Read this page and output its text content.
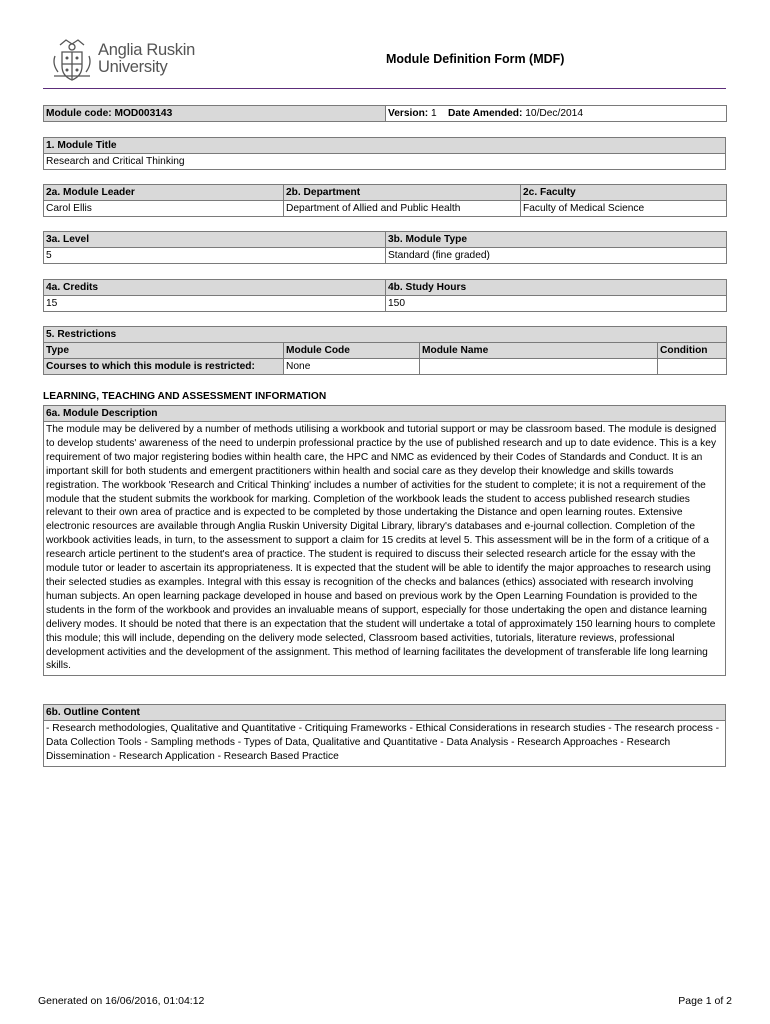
Anglia Ruskin
University	Module Definition Form (MDF)
Module code: MOD003143	Version: 1 Date Amended: 10/Dec/2014
1. Module Title
Research and Critical Thinking
2a. Module Leader	2b. Department	2c. Faculty
Carol Ellis	Department of Allied and Public Health	Faculty of Medical Science
3a. Level	3b. Module Type
5	Standard (fine graded)
4a. Credits	4b. Study Hours
15	150
5. Restrictions			
Type	Module Code	Module Name	Condition
Courses to which this module is restricted:	None		
LEARNING, TEACHING AND ASSESSMENT INFORMATION
6a. Module Description
The module may be delivered by a number of methods utilising a workbook and tutorial support or may be classroom based. The module is designed to develop students' awareness of the need to underpin professional practice by the use of published research and up to date evidence. This is a key requirement of two major registering bodies within health care, the HPC and NMC as evidenced by their Codes of Standards and Conduct. It is an important skill for both students and emergent practitioners within health and social care as they develop their knowledge and skills towards registration. The workbook 'Research and Critical Thinking' includes a number of activities for the student to complete; it is not a requirement of the module that the student submits the workbook for marking. Completion of the workbook leads the student to access published research studies relevant to their own area of practice and is expected to be completed by those undertaking the Distance and open learning routes. Extensive electronic resources are available through Anglia Ruskin University Digital Library, library's databases and e-journal collection. Completion of the workbook activities leads, in turn, to the assessment to support a claim for 15 credits at level 5. This assessment will be in the form of a critique of a research article pertinent to the student's area of practice. The student is required to discuss their selected research article for the essay with the module tutor or leader to ascertain its appropriateness. It is expected that the student will be able to identify the major approaches to research using their selected studies as examples. Integral with this essay is recognition of the checks and balances (ethics) associated with research involving human subjects. An open learning package developed in house and based on previous work by the Open Learning Foundation is provided to the students in the form of the workbook and provides an invaluable means of support, especially for those undertaking the open and distance learning delivery modes. It should be noted that there is an expectation that the student will undertake a total of approximately 150 learning hours to complete this module; this will include, depending on the delivery mode selected, Classroom based activities, tutorials, literature reviews, professional development activities and the development of the assignment. This method of learning facilitates the development of transferable life long learning skills.
6b. Outline Content
- Research methodologies, Qualitative and Quantitative - Critiquing Frameworks - Ethical Considerations in research studies - The research process - Data Collection Tools - Sampling methods - Types of Data, Qualitative and Quantitative - Data Analysis - Research Approaches - Research Dissemination - Research Application - Research Based Practice
Generated on 16/06/2016, 01:04:12	Page 1 of 2
